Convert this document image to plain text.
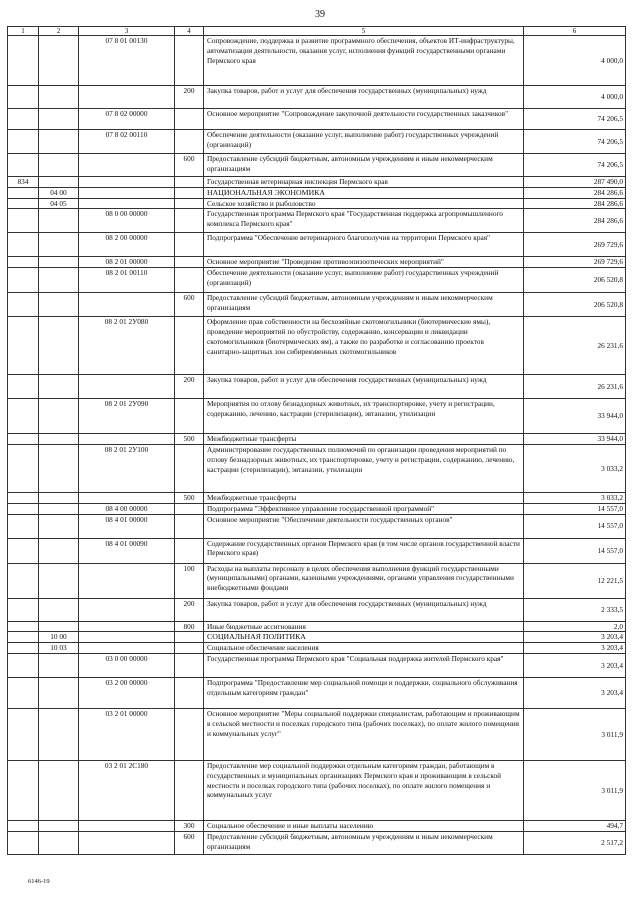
39
1	2	3	4	5	6
		07 8 01 00130		Сопровождение, поддержка и развитие программного обеспечения, объектов ИТ-инфраструктуры, автоматизация деятельности, оказания услуг, исполнения функций государственными органами Пермского края	4 000,0
			200	Закупка товаров, работ и услуг для обеспечения государственных (муниципальных) нужд	4 000,0
		07 8 02 00000		Основное мероприятие "Сопровождение закупочной деятельности государственных заказчиков"	74 206,5
		07 8 02 00110		Обеспечение деятельности (оказание услуг, выполнение работ) государственных учреждений (организаций)	74 206,5
			600	Предоставление субсидий бюджетным, автономным учреждениям и иным некоммерческим организациям	74 206,5
834				Государственная ветеринарная инспекция Пермского края	287 490,0
	04 00			НАЦИОНАЛЬНАЯ ЭКОНОМИКА	284 286,6
	04 05			Сельское хозяйство и рыболовство	284 286,6
		08 0 00 00000		Государственная программа Пермского края "Государственная поддержка агропромышленного комплекса Пермского края"	284 286,6
		08 2 00 00000		Подпрограмма "Обеспечение ветеринарного благополучия на территории Пермского края"	269 729,6
		08 2 01 00000		Основное мероприятие "Проведение противоэпизоотических мероприятий"	269 729,6
		08 2 01 00110		Обеспечение деятельности (оказание услуг, выполнение работ) государственных учреждений (организаций)	206 520,8
			600	Предоставление субсидий бюджетным, автономным учреждениям и иным некоммерческим организациям	206 520,8
		08 2 01 2У080		Оформление прав собственности на бесхозяйные скотомогильники (биотермические ямы), проведение мероприятий по обустройству, содержанию, консервации и ликвидации скотомогильников (биотермических ям), а также по разработке и согласованию проектов санитарно-защитных зон сибиреязвенных скотомогильников	26 231,6
			200	Закупка товаров, работ и услуг для обеспечения государственных (муниципальных) нужд	26 231,6
		08 2 01 2У090		Мероприятия по отлову безнадзорных животных, их транспортировке, учету и регистрации, содержанию, лечению, кастрации (стерилизации), эвтаназии, утилизации	33 944,0
			500	Межбюджетные трансферты	33 944,0
		08 2 01 2У100		Администрирование государственных полномочий по организации проведения мероприятий по отлову безнадзорных животных, их транспортировке, учету и регистрации, содержанию, лечению, кастрации (стерилизации), эвтаназии, утилизации	3 033,2
			500	Межбюджетные трансферты	3 033,2
		08 4 00 00000		Подпрограмма "Эффективное управление государственной программой"	14 557,0
		08 4 01 00000		Основное мероприятие "Обеспечение деятельности государственных органов"	14 557,0
		08 4 01 00090		Содержание государственных органов Пермского края (в том числе органов государственной власти Пермского края)	14 557,0
			100	Расходы на выплаты персоналу в целях обеспечения выполнения функций государственными (муниципальными) органами, казенными учреждениями, органами управления государственными внебюджетными фондами	12 221,5
			200	Закупка товаров, работ и услуг для обеспечения государственных (муниципальных) нужд	2 333,5
			800	Иные бюджетные ассигнования	2,0
	10 00			СОЦИАЛЬНАЯ ПОЛИТИКА	3 203,4
	10 03			Социальное обеспечение населения	3 203,4
		03 0 00 00000		Государственная программа Пермского края "Социальная поддержка жителей Пермского края"	3 203,4
		03 2 00 00000		Подпрограмма "Предоставление мер социальной помощи и поддержки, социального обслуживания отдельным категориям граждан"	3 203,4
		03 2 01 00000		Основное мероприятие "Меры социальной поддержки специалистам, работающим и проживающим в сельской местности и поселках городского типа (рабочих поселках), по оплате жилого помещения и коммунальных услуг"	3 011,9
		03 2 01 2С180		Предоставление мер социальной поддержки отдельным категориям граждан, работающим в государственных и муниципальных организациях Пермского края и проживающим в сельской местности и поселках городского типа (рабочих поселках), по оплате жилого помещения и коммунальных услуг	3 011,9
			300	Социальное обеспечение и иные выплаты населению	494,7
			600	Предоставление субсидий бюджетным, автономным учреждениям и иным некоммерческим организациям	2 517,2
6146-19
